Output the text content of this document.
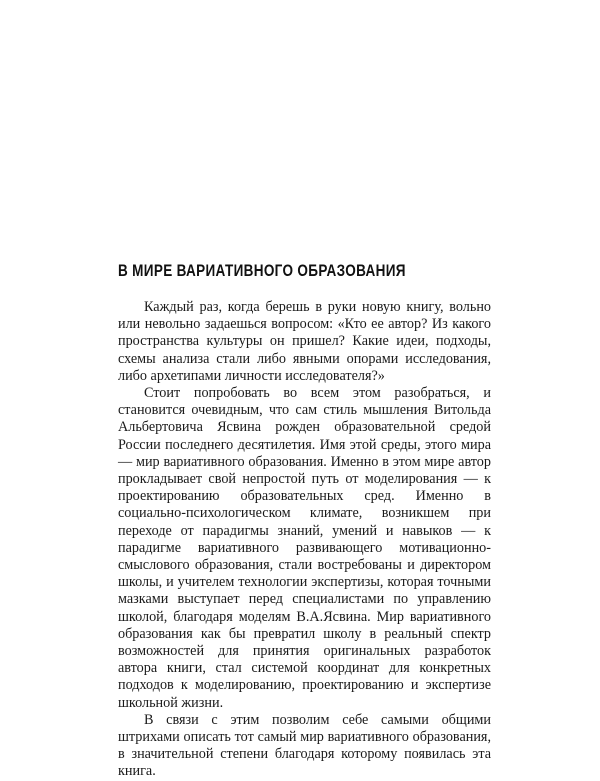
В МИРЕ ВАРИАТИВНОГО ОБРАЗОВАНИЯ

Каждый раз, когда берешь в руки новую книгу, вольно или невольно задаешься вопросом: «Кто ее автор? Из какого пространства культуры он пришел? Какие идеи, подходы, схемы анализа стали либо явными опорами исследования, либо архетипами личности исследователя?»

Стоит попробовать во всем этом разобраться, и становится очевидным, что сам стиль мышления Витольда Альбертовича Ясвина рожден образовательной средой России последнего десятилетия. Имя этой среды, этого мира — мир вариативного образования. Именно в этом мире автор прокладывает свой непростой путь от моделирования — к проектированию образовательных сред. Именно в социально-психологическом климате, возникшем при переходе от парадигмы знаний, умений и навыков — к парадигме вариативного развивающего мотивационно-смыслового образования, стали востребованы и директором школы, и учителем технологии экспертизы, которая точными мазками выступает перед специалистами по управлению школой, благодаря моделям В.А.Ясвина. Мир вариативного образования как бы превратил школу в реальный спектр возможностей для принятия оригинальных разработок автора книги, стал системой координат для конкретных подходов к моделированию, проектированию и экспертизе школьной жизни.

В связи с этим позволим себе самыми общими штрихами описать тот самый мир вариативного образования, в значительной степени благодаря которому появилась эта книга.
